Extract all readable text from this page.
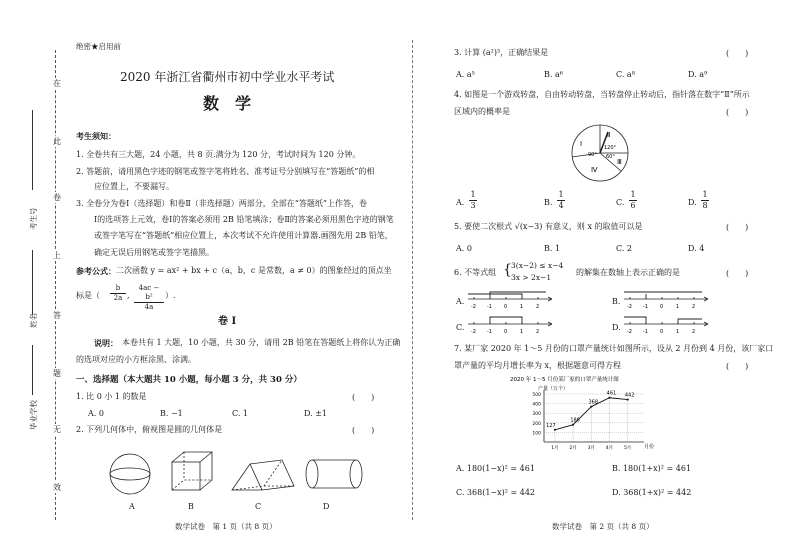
在
此
卷
上
答
题
无
效
考生号
姓名
毕业学校
绝密★启用前
2020 年浙江省衢州市初中学业水平考试
数　学
考生须知：
1. 全卷共有三大题，24 小题，共 8 页.满分为 120 分，考试时间为 120 分钟。
2. 答题前，请用黑色字迹的钢笔或签字笔将姓名、准考证号分别填写在“答题纸”的相
应位置上，不要漏写。
3. 全卷分为卷Ⅰ（选择题）和卷Ⅱ（非选择题）两部分，全部在“答题纸”上作答，卷
Ⅰ的选项答上元效，卷Ⅰ的答案必须用 2B 铅笔填涂；卷Ⅱ的答案必须用黑色字迹的钢笔
或签字笔写在“答题纸”相应位置上，本次考试不允许使用计算器.画图先用 2B 铅笔，
确定无误后用钢笔或签字笔描黑。
参考公式： 二次函数 y = ax² + bx + c（a，b，c 是常数，a ≠ 0）的图象经过的顶点坐
标是（
b
2a ,
4ac − b²
4a
）.
卷 Ⅰ
说明： 本卷共有 1 大题，10 小题，共 30 分，请用 2B 铅笔在答题纸上将你认为正确
的选项对应的小方框涂黑、涂满。
一、选择题（本大题共 10 小题，每小题 3 分，共 30 分）
1. 比 0 小 1 的数是	(　　)
A. 0	B. −1	C. 1	D. ±1
2. 下列几何体中，俯视图是圆的几何体是	(　　)
A	B	C	D
数学试卷　第 1 页（共 8 页）
3. 计算 (a²)³，正确结果是	(　　)
A. a⁵	B. a⁶	C. a⁸	D. a⁹
4. 如图是一个游戏转盘，自由转动转盘，当转盘停止转动后，指针落在数字“Ⅱ”所示
区域内的概率是	(　　)
Ⅰ
Ⅱ
Ⅲ
Ⅳ
120°
90° 60°
A.
1
3	B.
1
4	C.
1
6	D.
1
8
5. 要使二次根式 √(x−3) 有意义，则 x 的取值可以是	(　　)
A. 0	B. 1	C. 2	D. 4
6. 不等式组 { 3(x−2) ≤ x−4
3x > 2x−1
的解集在数轴上表示正确的是	(　　)
A.
-2 -1 0	1	2
B.
-2 -1 0	1	2
C. -2 -1 0	1	2	D. -2 -1 0	1	2
7. 某厂家 2020 年 1～5 月份的口罩产量统计如图所示，设从 2 月份到 4 月份，该厂家口
罩产量的平均月增长率为 x，根据题意可得方程	(　　)
2020 年 1～5 月份某厂家的口罩产量统计图
产量（万个）
月份
500
400
300
200
100
1月 2月 3月 4月 5月
127
180
368
461 442
A. 180(1−x)² = 461	B. 180(1+x)² = 461
C. 368(1−x)² = 442	D. 368(1+x)² = 442
数学试卷　第 2 页（共 8 页）
